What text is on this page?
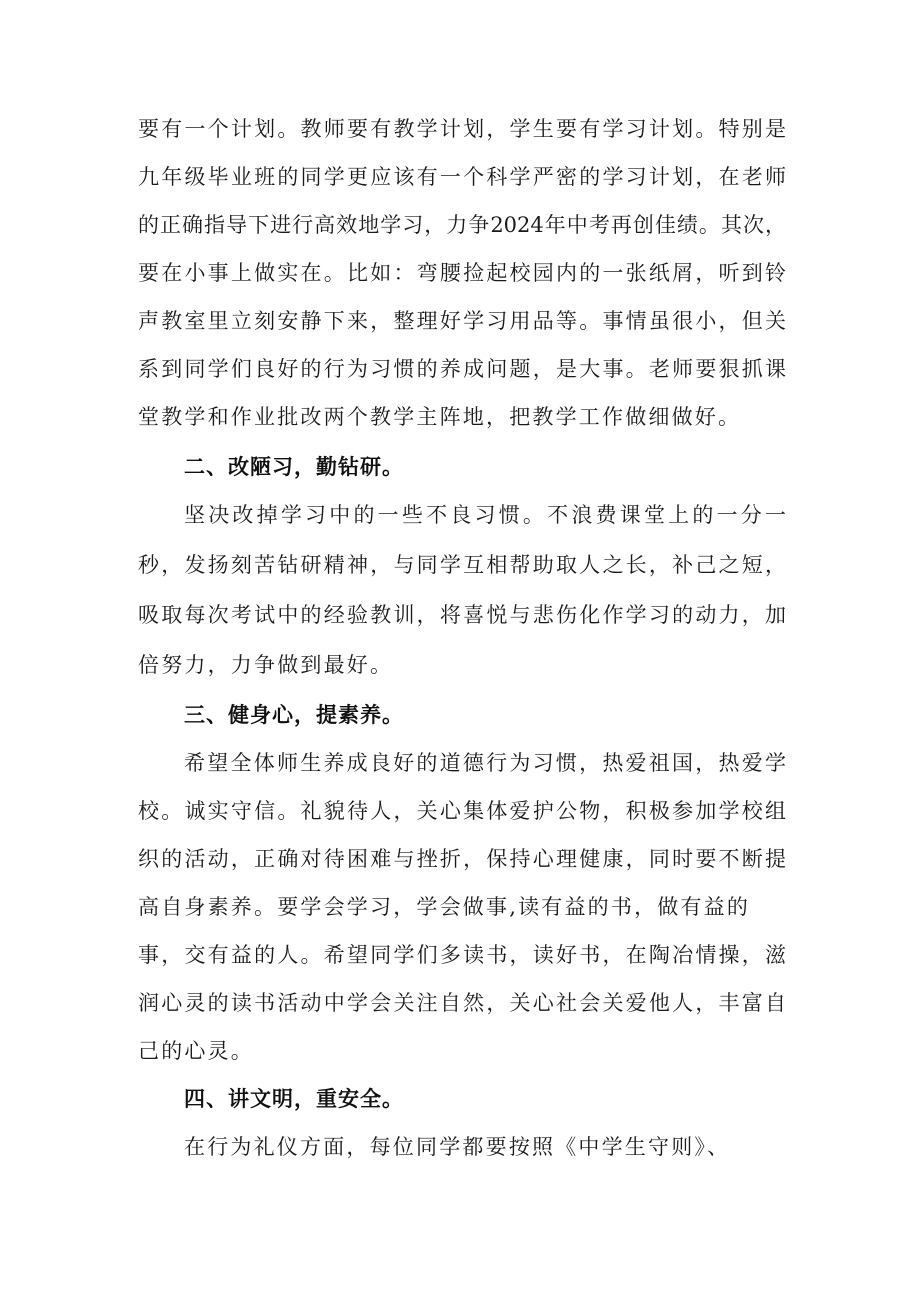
要有一个计划。教师要有教学计划，学生要有学习计划。特别是

九年级毕业班的同学更应该有一个科学严密的学习计划，在老师

的正确指导下进行高效地学习，力争2024年中考再创佳绩。其次，

要在小事上做实在。比如：弯腰捡起校园内的一张纸屑，听到铃

声教室里立刻安静下来，整理好学习用品等。事情虽很小，但关

系到同学们良好的行为习惯的养成问题，是大事。老师要狠抓课

堂教学和作业批改两个教学主阵地，把教学工作做细做好。

二、改陋习，勤钻研。

坚决改掉学习中的一些不良习惯。不浪费课堂上的一分一

秒，发扬刻苦钻研精神，与同学互相帮助取人之长，补己之短，

吸取每次考试中的经验教训，将喜悦与悲伤化作学习的动力，加

倍努力，力争做到最好。

三、健身心，提素养。

希望全体师生养成良好的道德行为习惯，热爱祖国，热爱学

校。诚实守信。礼貌待人，关心集体爱护公物，积极参加学校组

织的活动，正确对待困难与挫折，保持心理健康，同时要不断提

高自身素养。要学会学习，学会做事,读有益的书，做有益的

事，交有益的人。希望同学们多读书，读好书，在陶冶情操，滋

润心灵的读书活动中学会关注自然，关心社会关爱他人，丰富自

己的心灵。

四、讲文明，重安全。

在行为礼仪方面，每位同学都要按照《中学生守则》、
